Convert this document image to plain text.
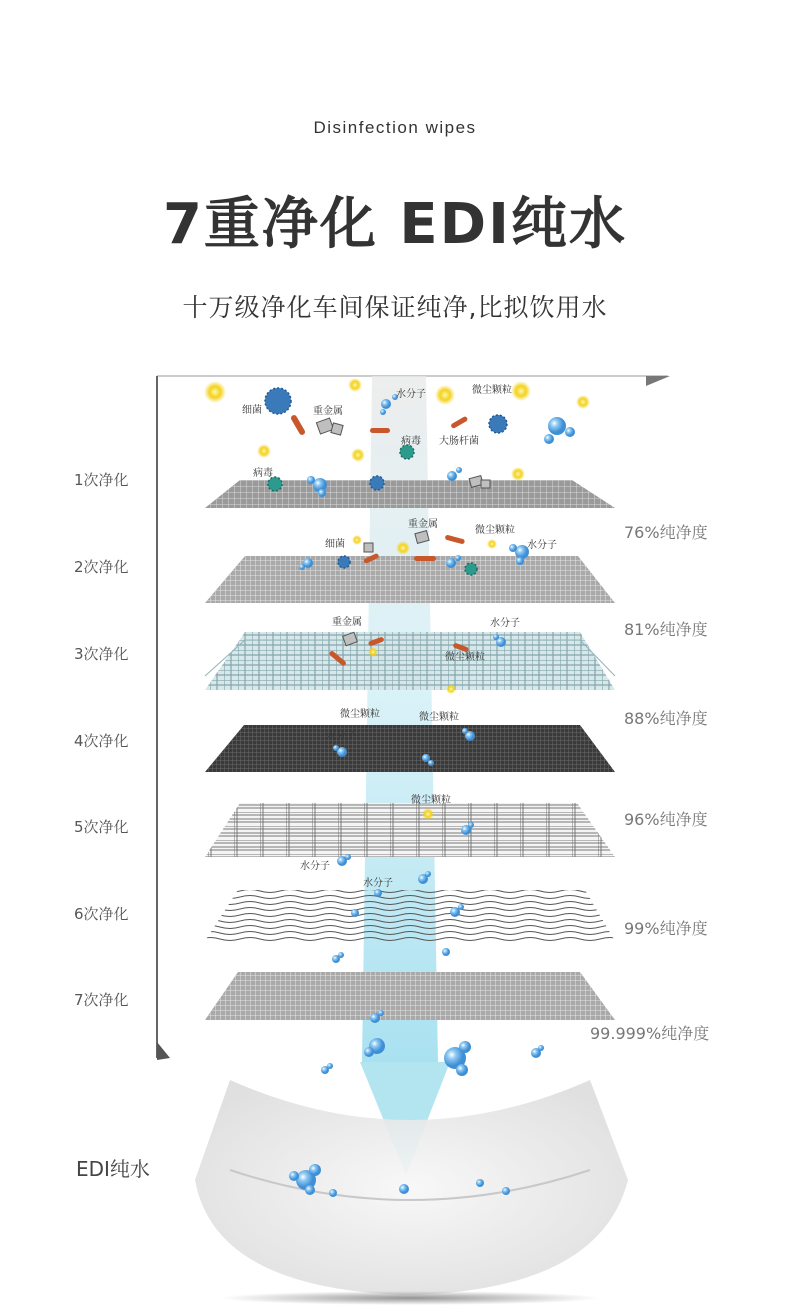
Disinfection wipes
7重净化 EDI纯水
十万级净化车间保证纯净,比拟饮用水
细菌	重金属
水分子	微尘颗粒
病毒 大肠杆菌
病毒
重金属
微尘颗粒
细菌	水分子
重金属	水分子
微尘颗粒
微尘颗粒	微尘颗粒
水分子
微尘颗粒
水分子
水分子
1次净化
2次净化
3次净化
4次净化
5次净化
6次净化
7次净化
76%纯净度
81%纯净度
88%纯净度
96%纯净度
99%纯净度
99.999%纯净度
EDI纯水
